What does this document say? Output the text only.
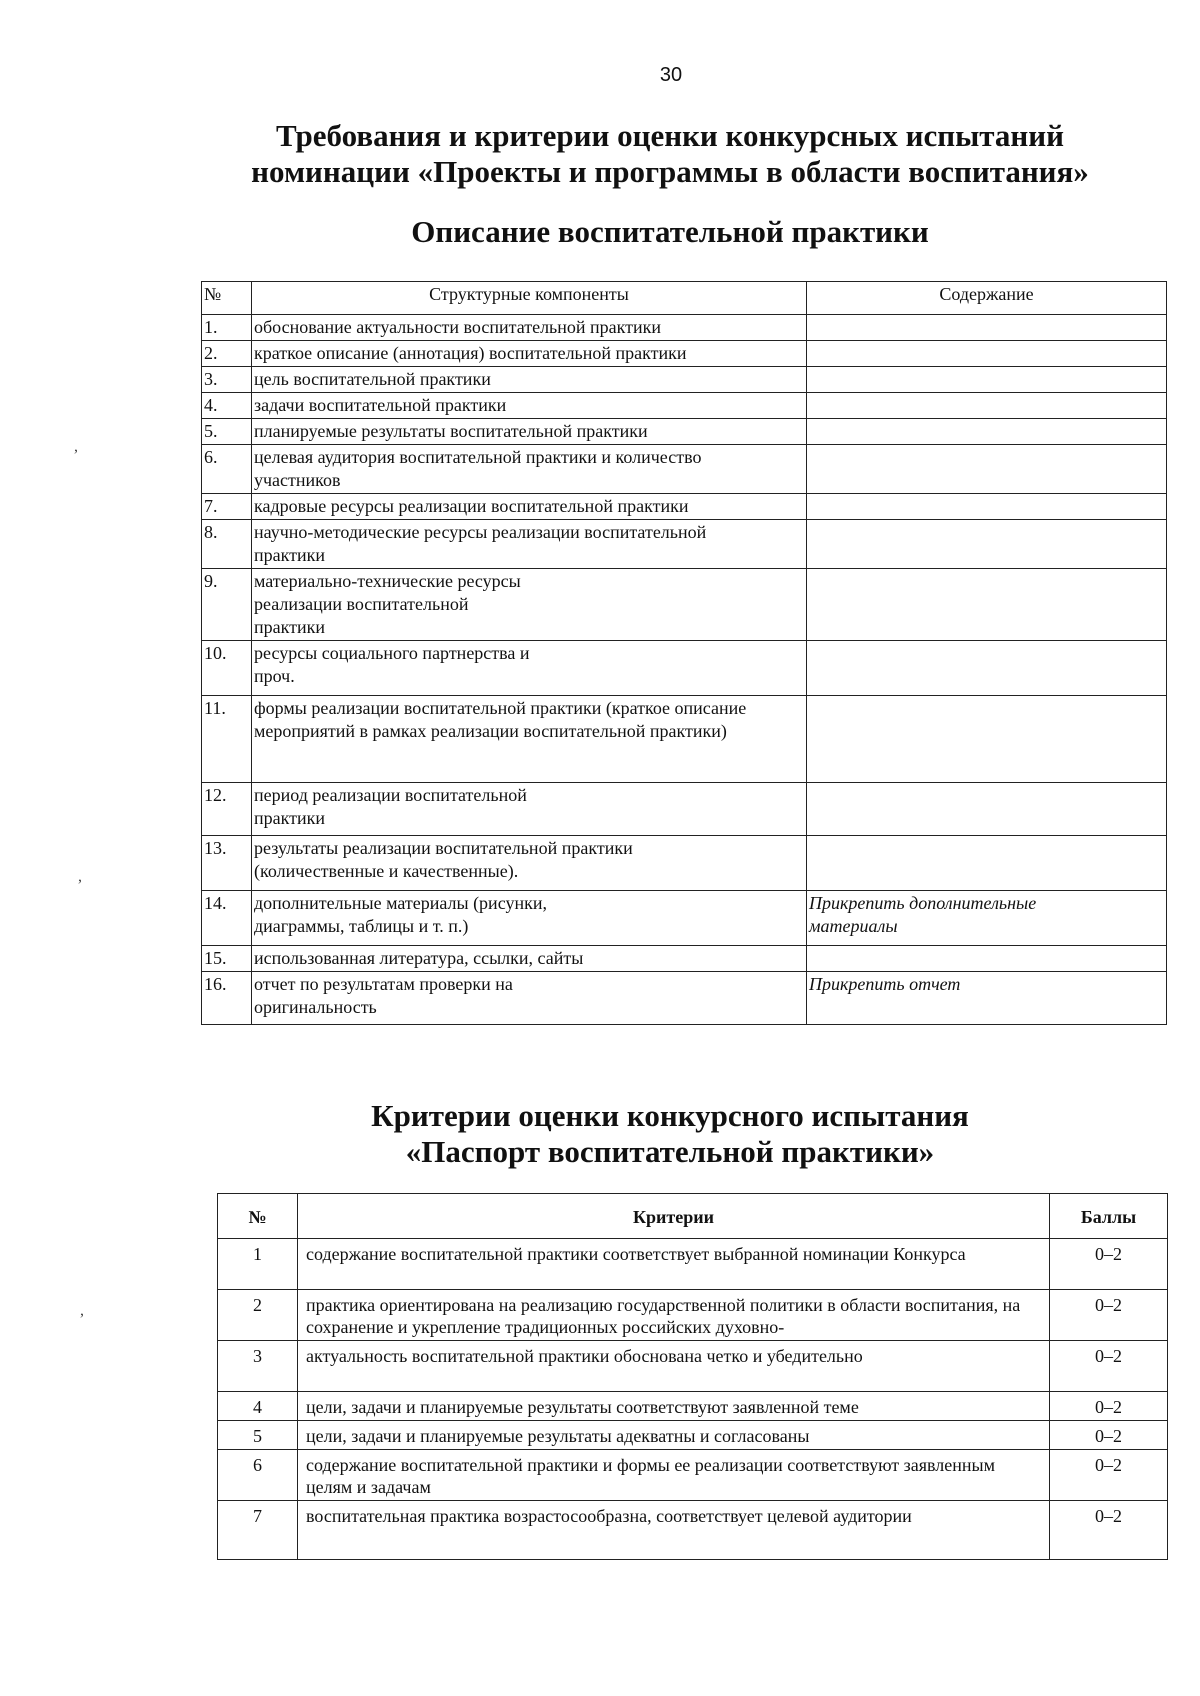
30
Требования и критерии оценки конкурсных испытаний
номинации «Проекты и программы в области воспитания»
Описание воспитательной практики
№	Структурные компоненты	Содержание
1.	обоснование актуальности воспитательной практики	
2.	краткое описание (аннотация) воспитательной практики	
3.	цель воспитательной практики	
4.	задачи воспитательной практики	
5.	планируемые результаты воспитательной практики	
6.	целевая аудитория воспитательной практики и количество участников	
7.	кадровые ресурсы реализации воспитательной практики	
8.	научно-методические ресурсы реализации воспитательной практики	
9.	материально-технические ресурсы реализации воспитательной практики	
10.	ресурсы социального партнерства и проч.	
11.	формы реализации воспитательной практики (краткое описание мероприятий в рамках реализации воспитательной практики)	
12.	период реализации воспитательной практики	
13.	результаты реализации воспитательной практики (количественные и качественные).	
14.	дополнительные материалы (рисунки, диаграммы, таблицы и т. п.)	Прикрепить дополнительные материалы
15.	использованная литература, ссылки, сайты	
16.	отчет по результатам проверки на оригинальность	Прикрепить отчет
Критерии оценки конкурсного испытания
«Паспорт воспитательной практики»
№	Критерии	Баллы
1	содержание воспитательной практики соответствует выбранной номинации Конкурса	0–2
2	практика ориентирована на реализацию государственной политики в области воспитания, на сохранение и укрепление традиционных российских духовно-	0–2
3	актуальность воспитательной практики обоснована четко и убедительно	0–2
4	цели, задачи и планируемые результаты соответствуют заявленной теме	0–2
5	цели, задачи и планируемые результаты адекватны и согласованы	0–2
6	содержание воспитательной практики и формы ее реализации соответствуют заявленным целям и задачам	0–2
7	воспитательная практика возрастосообразна, соответствует целевой аудитории	0–2
,
,
,
